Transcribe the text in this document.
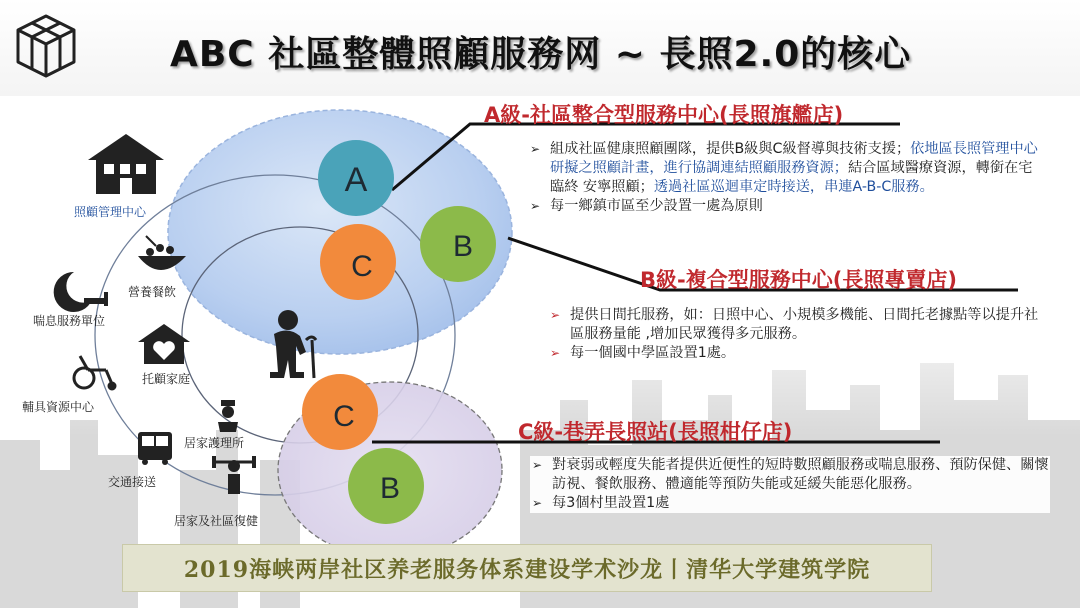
ABC 社區整體照顧服務网 ~ 長照2.0的核心
A
B
C
C
B
照顧管理中心
營養餐飲
喘息服務單位
托顧家庭
輔具資源中心
居家護理所
交通接送
居家及社區復健
A級-社區整合型服務中心(長照旗艦店)
➢ 組成社區健康照顧團隊，提供B級與C級督導與技術支援；依地區長照管理中心研擬之照顧計畫，進行協調連結照顧服務資源；結合區域醫療資源，轉銜在宅臨終 安寧照顧；透過社區巡迴車定時接送，串連A-B-C服務。
➢ 每一鄉鎮市區至少設置一處為原則
B級-複合型服務中心(長照專賣店)
➢ 提供日間托服務，如：日照中心、小規模多機能、日間托老據點等以提升社區服務量能 ,增加民眾獲得多元服務。
➢ 每一個國中學區設置1處。
C級-巷弄長照站(長照柑仔店)
➢ 對衰弱或輕度失能者提供近便性的短時數照顧服務或喘息服務、預防保健、關懷訪視、餐飲服務、體適能等預防失能或延緩失能惡化服務。
➢ 每3個村里設置1處
2019海峡两岸社区养老服务体系建设学术沙龙丨清华大学建筑学院
